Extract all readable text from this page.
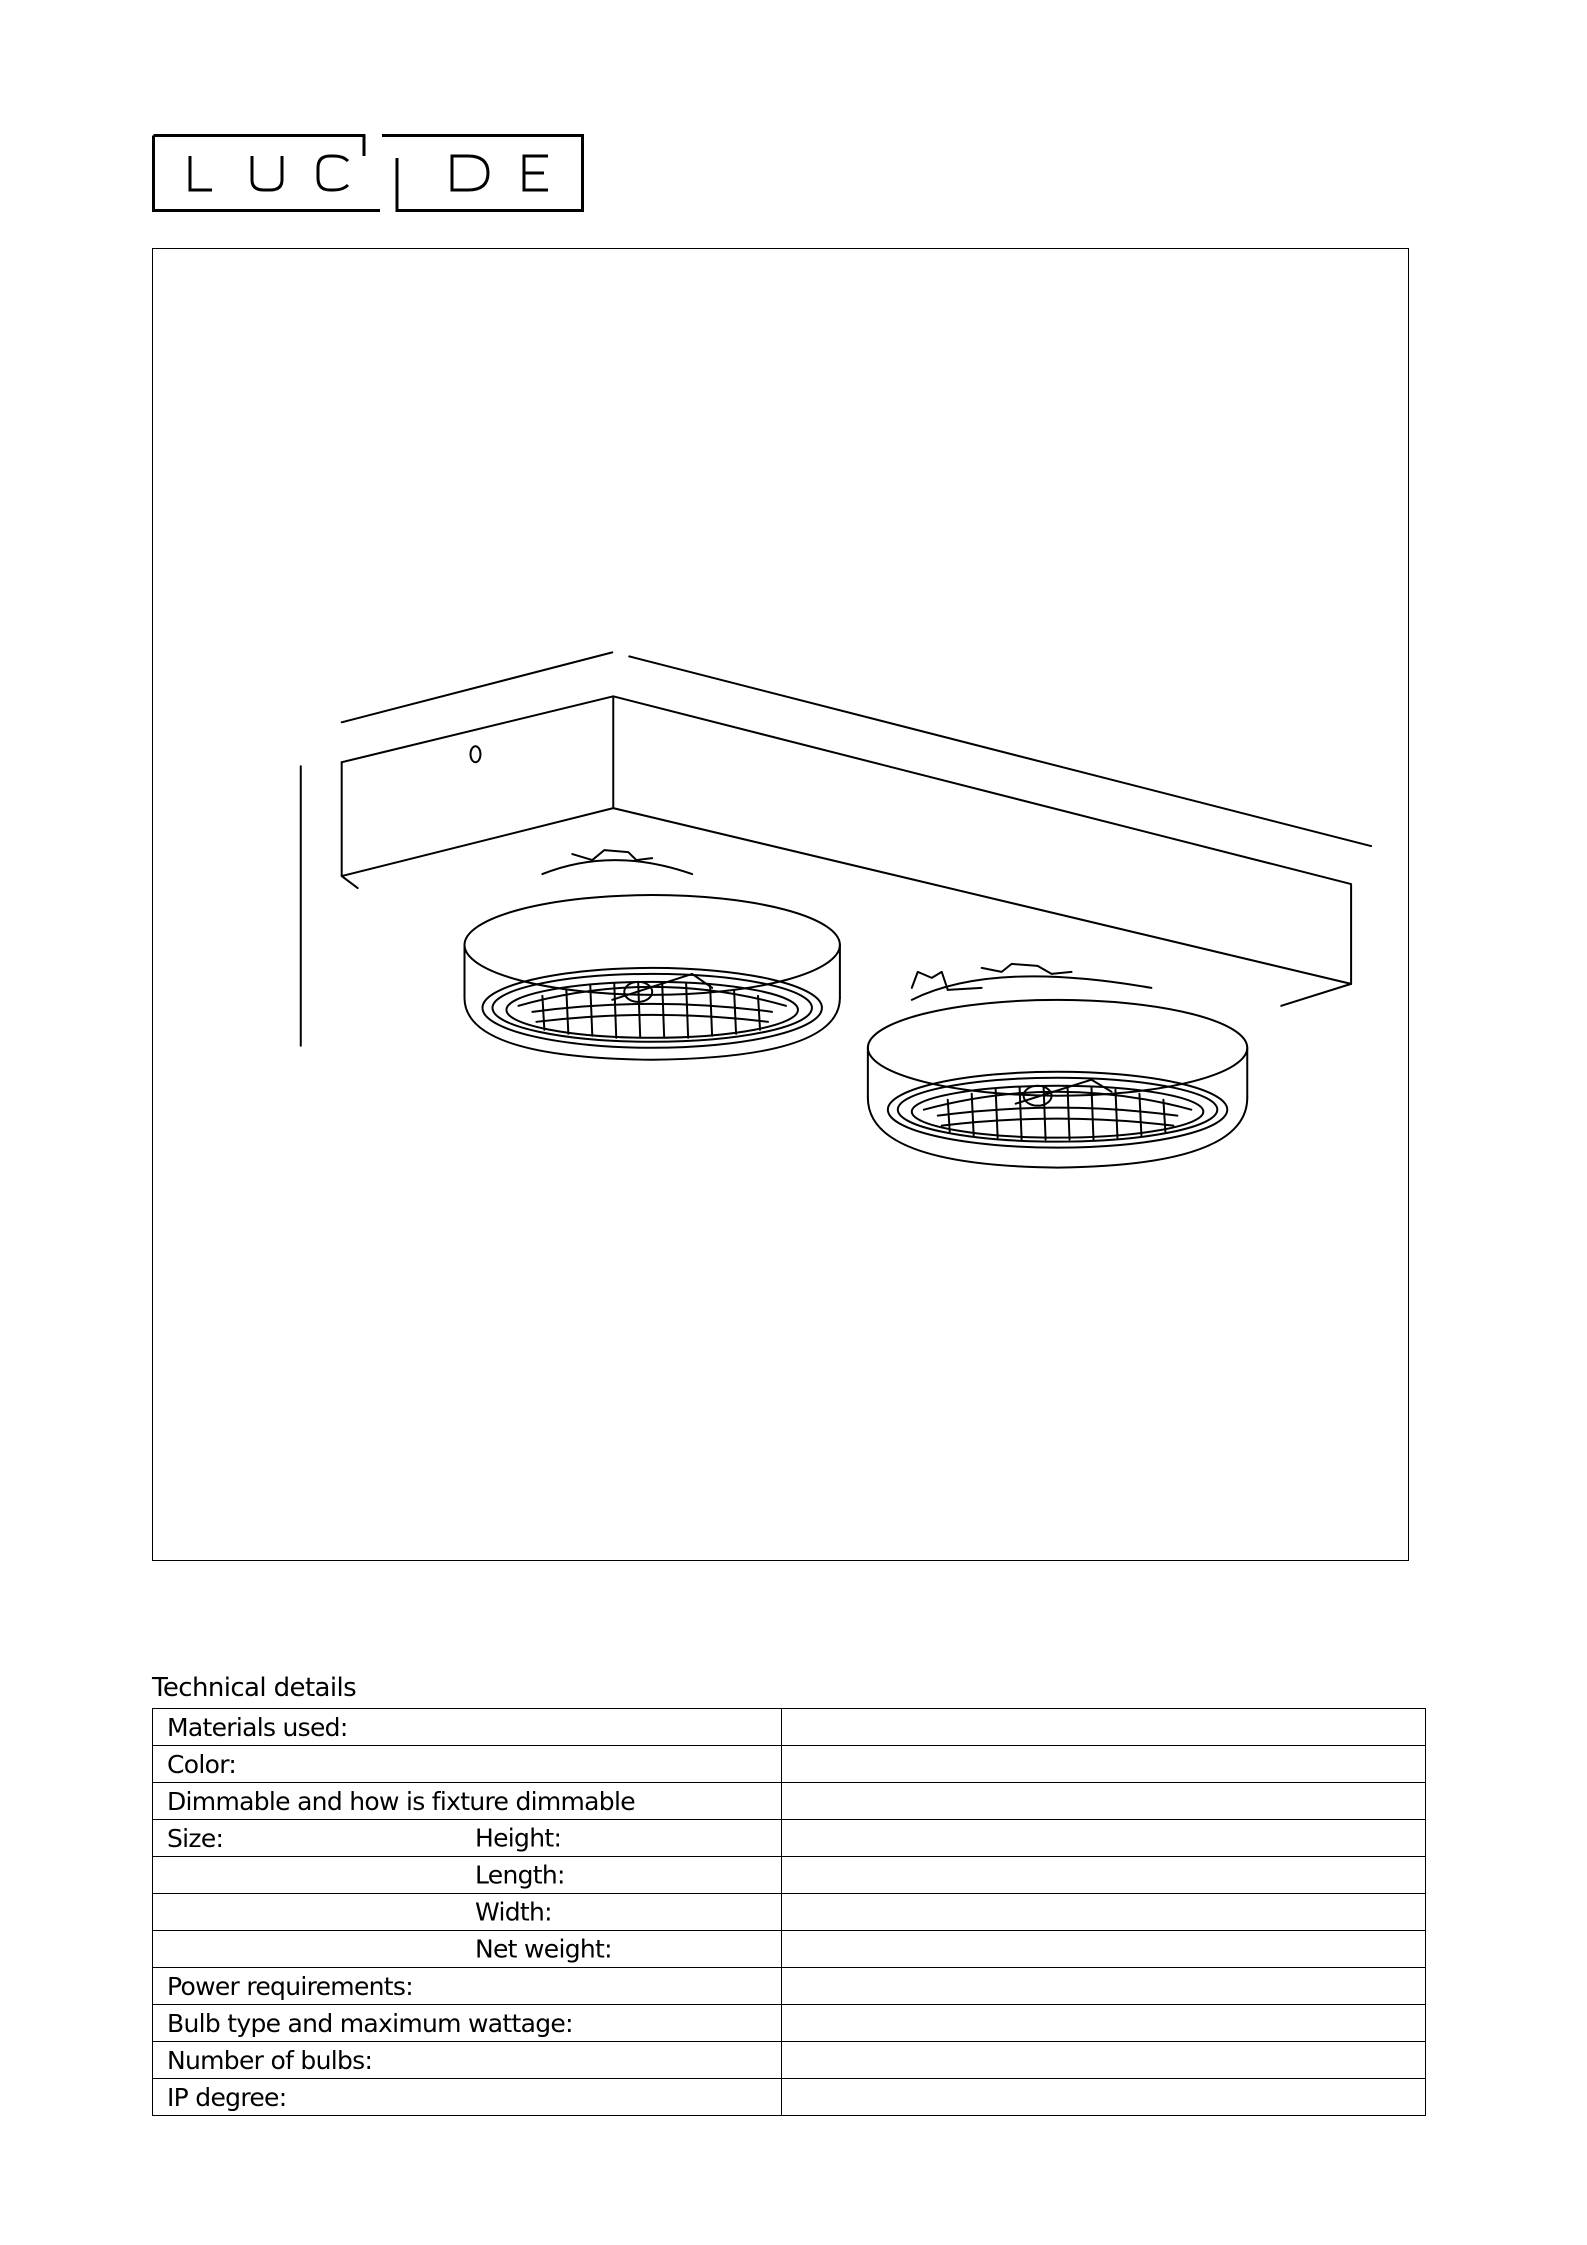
Technical details
Materials used:

Color:

Dimmable and how is fixture dimmable

Size: Height:	

Length:	

Width:	

Net weight:	

Power requirements:

Bulb type and maximum wattage:

Number of bulbs:

IP degree:
